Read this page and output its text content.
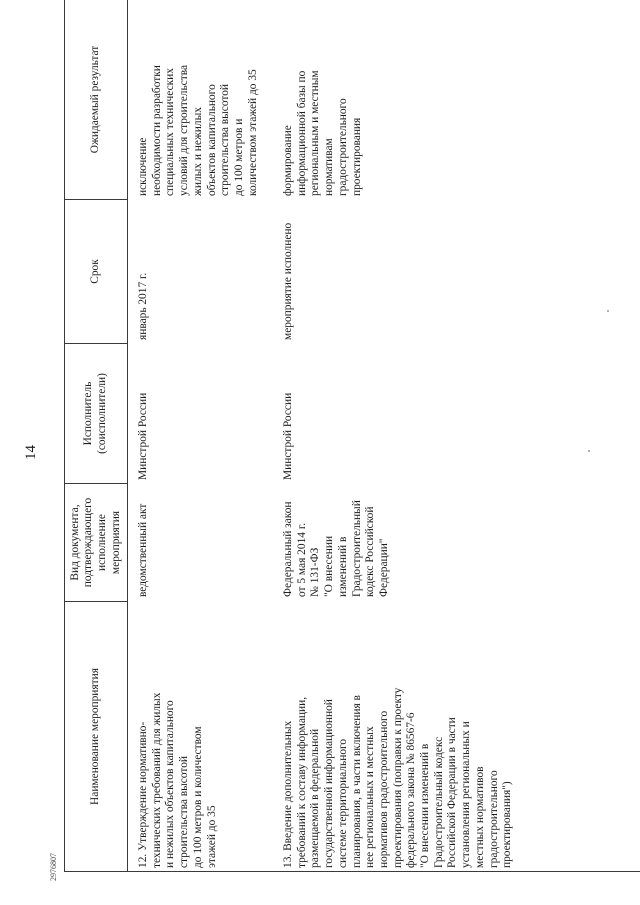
14
2976807
Наименование мероприятия
Вид документа,
подтверждающего
исполнение
мероприятия
Исполнитель
(соисполнители)
Срок
Ожидаемый результат
12. Утверждение нормативно-
технических требований для жилых
и нежилых объектов капитального
строительства высотой
до 100 метров и количеством
этажей до 35
ведомственный акт
Минстрой России
январь 2017 г.
исключение
необходимости разработки
специальных технических
условий для строительства
жилых и нежилых
объектов капитального
строительства высотой
до 100 метров и
количеством этажей до 35
13. Введение дополнительных
требований к составу информации,
размещаемой в федеральной
государственной информационной
системе территориального
планирования, в части включения в
нее региональных и местных
нормативов градостроительного
проектирования (поправки к проекту
федерального закона № 86567-6
"О внесении изменений в
Градостроительный кодекс
Российской Федерации в части
установления региональных и
местных нормативов
градостроительного
проектирования")
Федеральный закон
от 5 мая 2014 г.
№ 131-ФЗ
"О внесении
изменений в
Градостроительный
кодекс Российской
Федерации"
Минстрой России
мероприятие исполнено
формирование
информационной базы по
региональным и местным
нормативам
градостроительного
проектирования
